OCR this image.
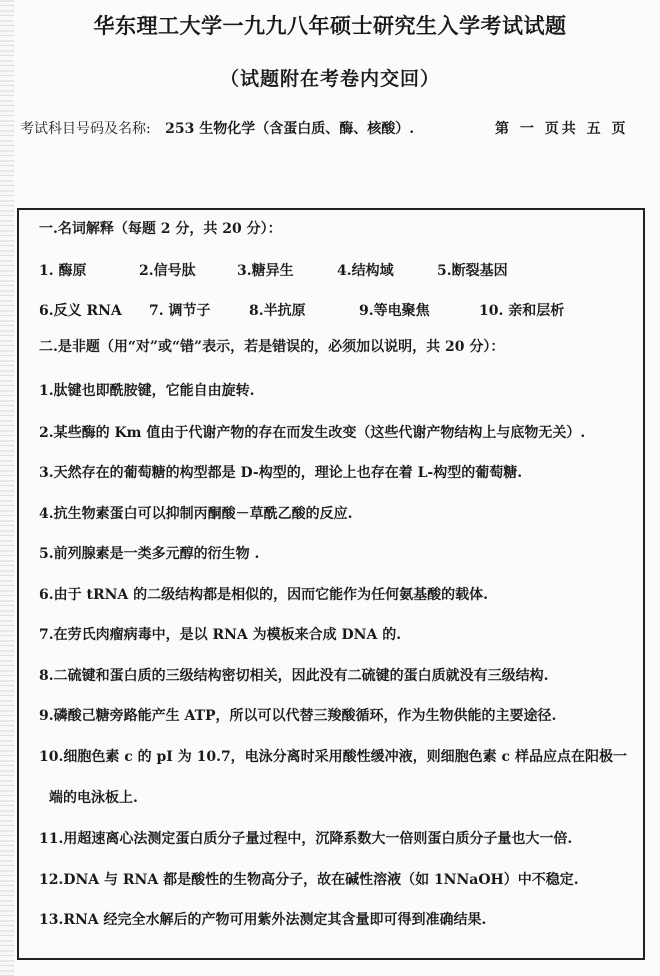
华东理工大学一九九八年硕士研究生入学考试试题
（试题附在考卷内交回）
考试科目号码及名称: 253 生物化学（含蛋白质、酶、核酸）.	第 一 页共 五 页
一.名词解释（每题 2 分，共 20 分）：
1. 酶原	2.信号肽	3.糖异生	4.结构域	5.断裂基因
6.反义 RNA 7. 调节子	8.半抗原	9.等电聚焦	10. 亲和层析
二.是非题（用“对”或“错”表示，若是错误的，必须加以说明，共 20 分）：
1.肽键也即酰胺键，它能自由旋转.
2.某些酶的 Km 值由于代谢产物的存在而发生改变（这些代谢产物结构上与底物无关）.
3.天然存在的葡萄糖的构型都是 D-构型的，理论上也存在着 L-构型的葡萄糖.
4.抗生物素蛋白可以抑制丙酮酸－草酰乙酸的反应.
5.前列腺素是一类多元醇的衍生物 .
6.由于 tRNA 的二级结构都是相似的，因而它能作为任何氨基酸的载体.
7.在劳氏肉瘤病毒中，是以 RNA 为模板来合成 DNA 的.
8.二硫键和蛋白质的三级结构密切相关，因此没有二硫键的蛋白质就没有三级结构.
9.磷酸己糖旁路能产生 ATP，所以可以代替三羧酸循环，作为生物供能的主要途径.
10.细胞色素 c 的 pI 为 10.7，电泳分离时采用酸性缓冲液，则细胞色素 c 样品应点在阳极一
端的电泳板上.
11.用超速离心法测定蛋白质分子量过程中，沉降系数大一倍则蛋白质分子量也大一倍.
12.DNA 与 RNA 都是酸性的生物高分子，故在碱性溶液（如 1NNaOH）中不稳定.
13.RNA 经完全水解后的产物可用紫外法测定其含量即可得到准确结果.
